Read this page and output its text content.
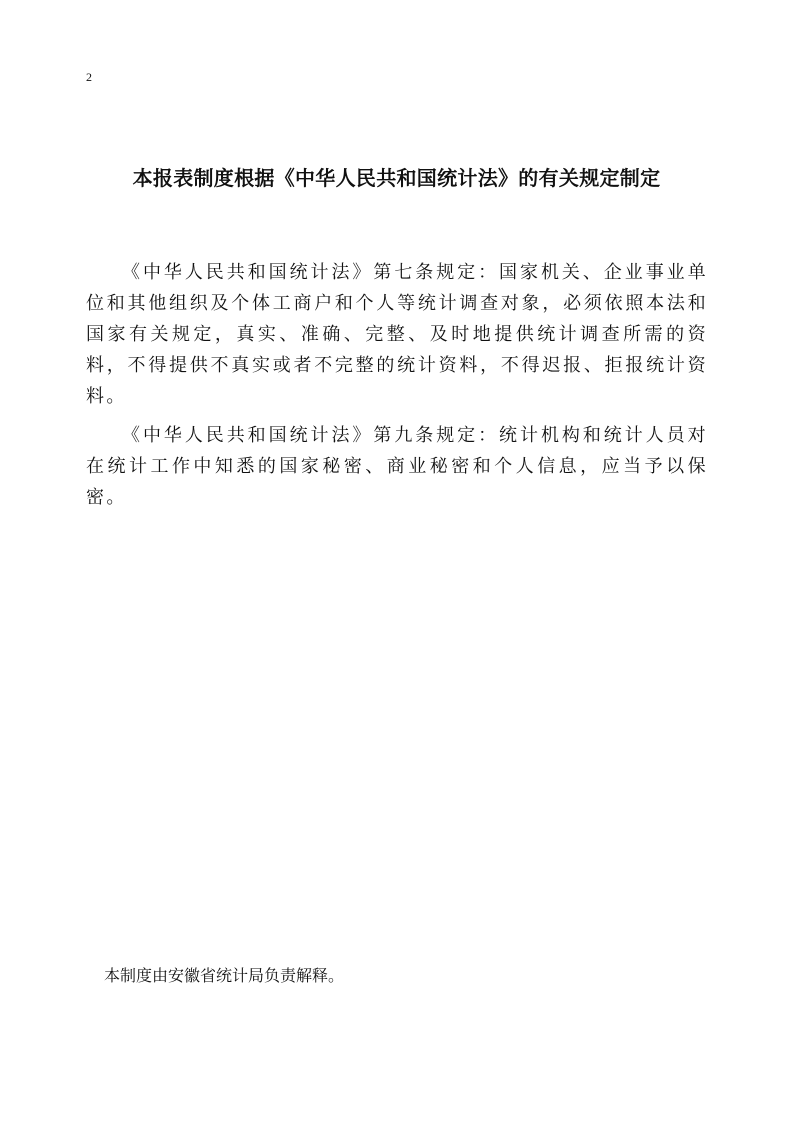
2
本报表制度根据《中华人民共和国统计法》的有关规定制定

《中华人民共和国统计法》第七条规定：国家机关、企业事业单位和其他组织及个体工商户和个人等统计调查对象，必须依照本法和国家有关规定，真实、准确、完整、及时地提供统计调查所需的资料，不得提供不真实或者不完整的统计资料，不得迟报、拒报统计资料。

《中华人民共和国统计法》第九条规定：统计机构和统计人员对在统计工作中知悉的国家秘密、商业秘密和个人信息，应当予以保密。

本制度由安徽省统计局负责解释。
